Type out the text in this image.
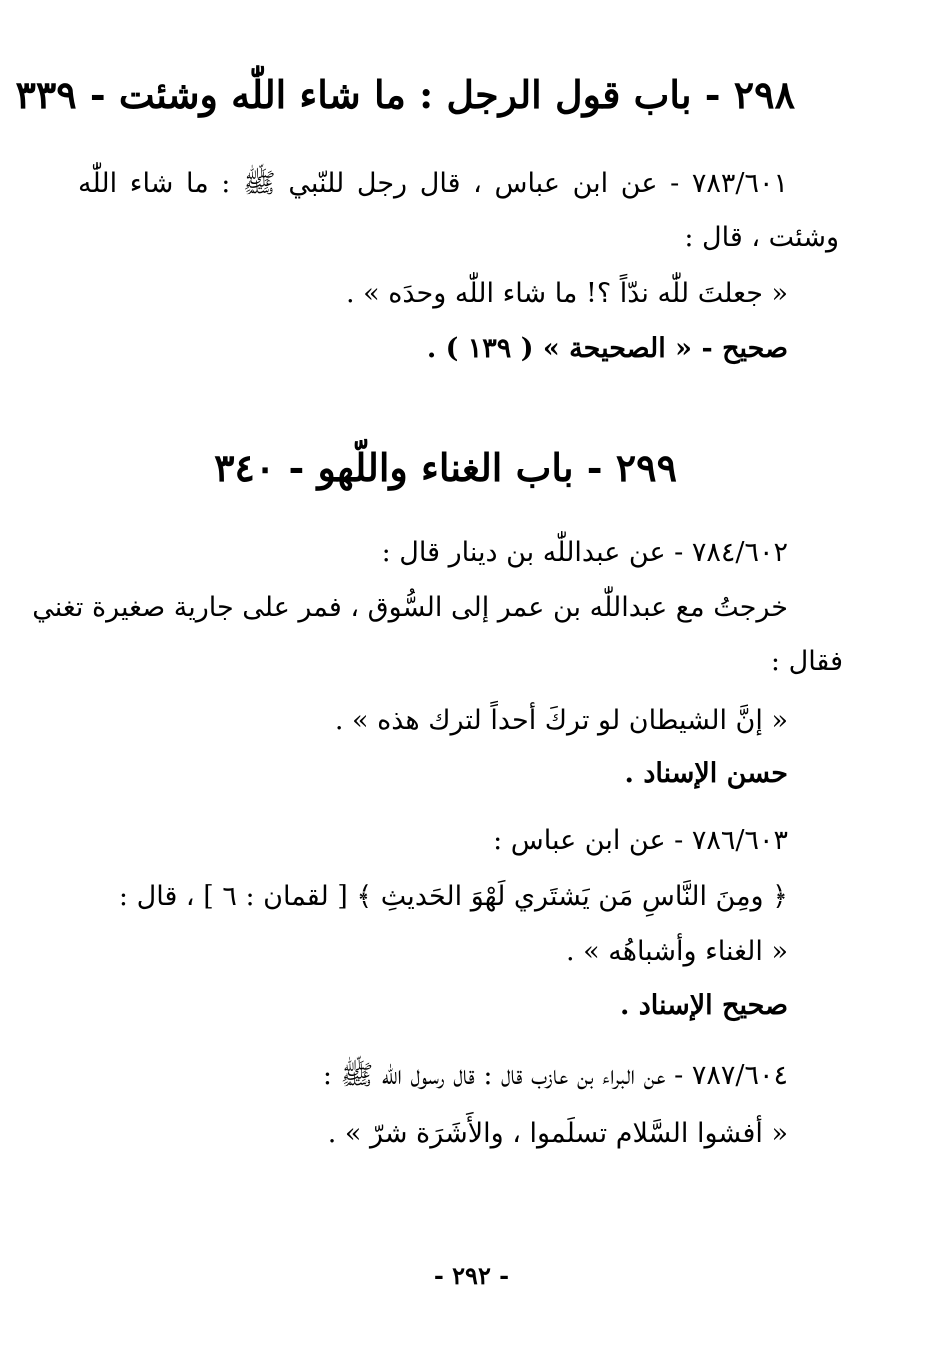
٢٩٨ - باب قول الرجل : ما شاء اللّٰه وشئت - ٣٣٩
٧٨٣/٦٠١ - عن ابن عباس ، قال رجل للنّبي ﷺ : ما شاء اللّٰه
وشئت ، قال :
« جعلتَ للّٰه ندّاً ؟! ما شاء اللّٰه وحدَه » .
صحيح - « الصحيحة » ( ١٣٩ ) .
٢٩٩ - باب الغناء واللّهو - ٣٤٠
٧٨٤/٦٠٢ - عن عبداللّٰه بن دينار قال :
خرجتُ مع عبداللّٰه بن عمر إلى السُّوق ، فمر على جارية صغيرة تغني
فقال :
« إنَّ الشيطان لو تركَ أحداً لترك هذه » .
حسن الإسناد .
٧٨٦/٦٠٣ - عن ابن عباس :
﴿ ومِنَ النَّاسِ مَن يَشتَري لَهْوَ الحَديثِ ﴾ [ لقمان : ٦ ] ، قال :
« الغناء وأشباهُه » .
صحيح الإسناد .
٧٨٧/٦٠٤ - عن البراء بن عازب قال : قال رسول اللّٰه ﷺ :
« أفشوا السَّلام تسلَموا ، والأَشَرَة شرّ » .
- ٢٩٢ -
